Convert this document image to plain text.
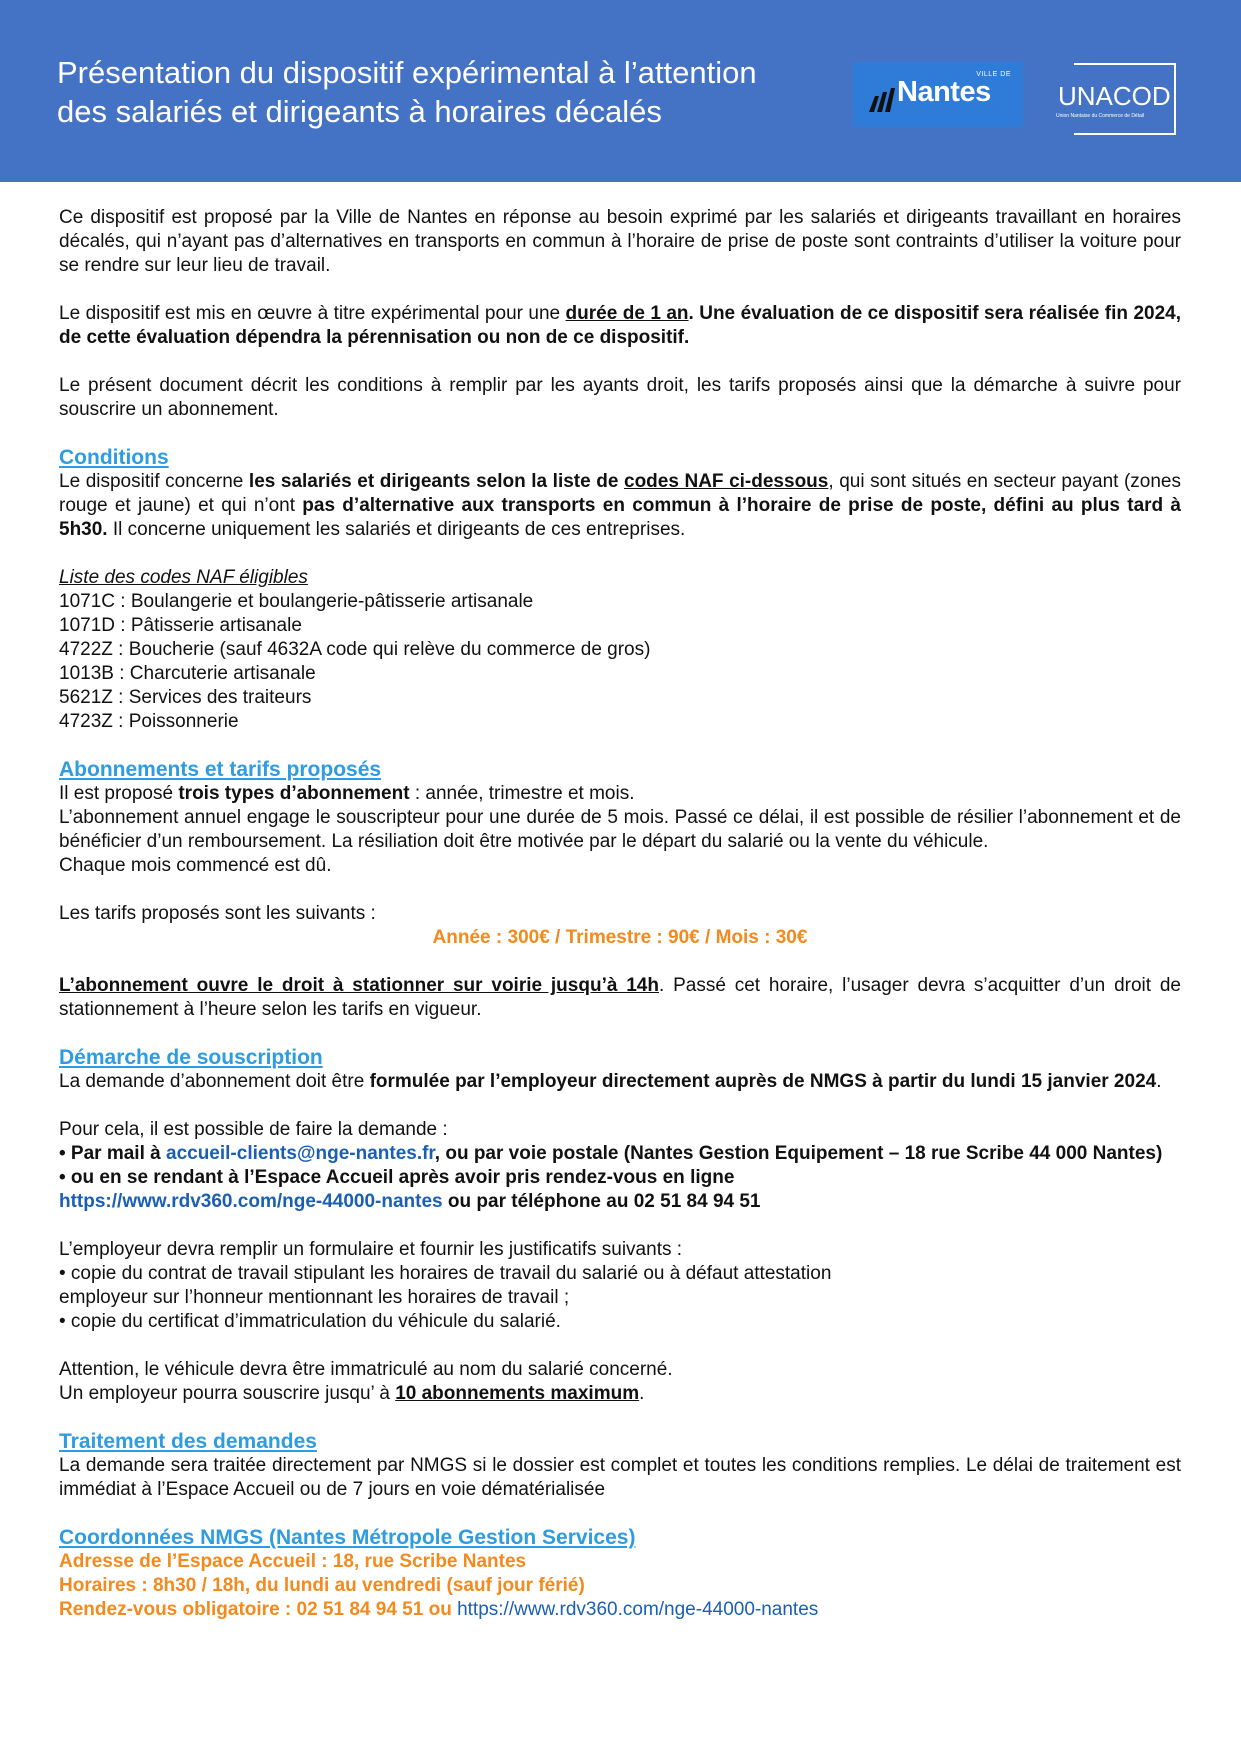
Présentation du dispositif expérimental à l’attention
des salariés et dirigeants à horaires décalés
VILLE DE
Nantes	UNACOD
Union Nantaise du Commerce de Détail

Ce dispositif est proposé par la Ville de Nantes en réponse au besoin exprimé par les salariés et dirigeants travaillant en horaires décalés, qui n’ayant pas d’alternatives en transports en commun à l’horaire de prise de poste sont contraints d’utiliser la voiture pour se rendre sur leur lieu de travail.

Le dispositif est mis en œuvre à titre expérimental pour une durée de 1 an. Une évaluation de ce dispositif sera réalisée fin 2024, de cette évaluation dépendra la pérennisation ou non de ce dispositif.

Le présent document décrit les conditions à remplir par les ayants droit, les tarifs proposés ainsi que la démarche à suivre pour souscrire un abonnement.

Conditions

Le dispositif concerne les salariés et dirigeants selon la liste de codes NAF ci-dessous, qui sont situés en secteur payant (zones rouge et jaune) et qui n’ont pas d’alternative aux transports en commun à l’horaire de prise de poste, défini au plus tard à 5h30. Il concerne uniquement les salariés et dirigeants de ces entreprises.

Liste des codes NAF éligibles

1071C : Boulangerie et boulangerie-pâtisserie artisanale
1071D : Pâtisserie artisanale
4722Z : Boucherie (sauf 4632A code qui relève du commerce de gros)
1013B : Charcuterie artisanale
5621Z : Services des traiteurs
4723Z : Poissonnerie

Abonnements et tarifs proposés

Il est proposé trois types d’abonnement : année, trimestre et mois.

L’abonnement annuel engage le souscripteur pour une durée de 5 mois. Passé ce délai, il est possible de résilier l’abonnement et de bénéficier d’un remboursement. La résiliation doit être motivée par le départ du salarié ou la vente du véhicule.

Chaque mois commencé est dû.

Les tarifs proposés sont les suivants :

Année : 300€ / Trimestre : 90€ / Mois : 30€

L’abonnement ouvre le droit à stationner sur voirie jusqu’à 14h. Passé cet horaire, l’usager devra s’acquitter d’un droit de stationnement à l’heure selon les tarifs en vigueur.

Démarche de souscription

La demande d’abonnement doit être formulée par l’employeur directement auprès de NMGS à partir du lundi 15 janvier 2024.

Pour cela, il est possible de faire la demande :

• Par mail à accueil-clients@nge-nantes.fr, ou par voie postale (Nantes Gestion Equipement – 18 rue Scribe 44 000 Nantes)

• ou en se rendant à l’Espace Accueil après avoir pris rendez-vous en ligne

https://www.rdv360.com/nge-44000-nantes ou par téléphone au 02 51 84 94 51

L’employeur devra remplir un formulaire et fournir les justificatifs suivants :

• copie du contrat de travail stipulant les horaires de travail du salarié ou à défaut attestation

employeur sur l’honneur mentionnant les horaires de travail ;

• copie du certificat d’immatriculation du véhicule du salarié.

Attention, le véhicule devra être immatriculé au nom du salarié concerné.

Un employeur pourra souscrire jusqu’ à 10 abonnements maximum.

Traitement des demandes

La demande sera traitée directement par NMGS si le dossier est complet et toutes les conditions remplies. Le délai de traitement est immédiat à l’Espace Accueil ou de 7 jours en voie dématérialisée

Coordonnées NMGS (Nantes Métropole Gestion Services)

Adresse de l’Espace Accueil : 18, rue Scribe Nantes

Horaires : 8h30 / 18h, du lundi au vendredi (sauf jour férié)

Rendez-vous obligatoire : 02 51 84 94 51 ou https://www.rdv360.com/nge-44000-nantes
